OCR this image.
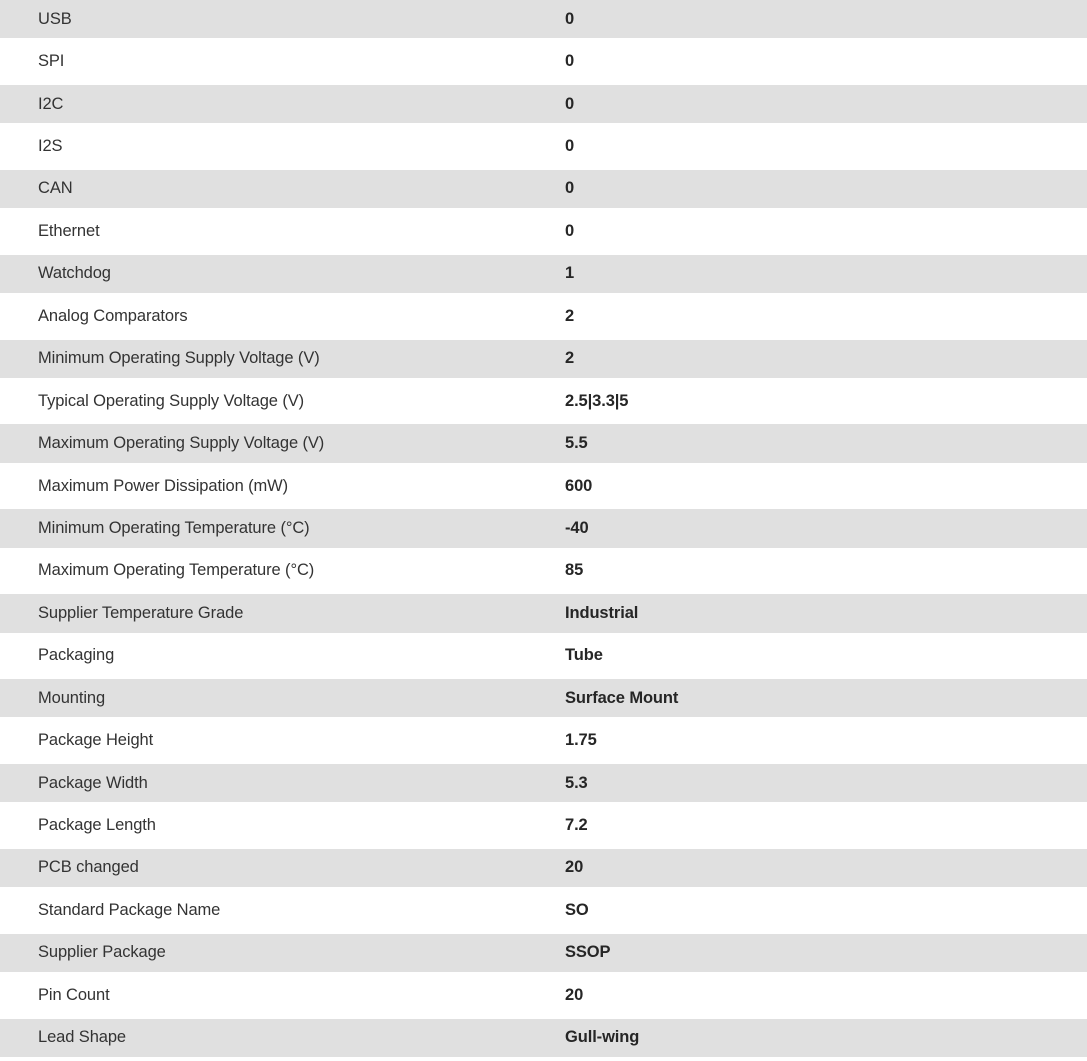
USB	0
SPI	0
I2C	0
I2S	0
CAN	0
Ethernet	0
Watchdog	1
Analog Comparators	2
Minimum Operating Supply Voltage (V)	2
Typical Operating Supply Voltage (V)	2.5|3.3|5
Maximum Operating Supply Voltage (V)	5.5
Maximum Power Dissipation (mW)	600
Minimum Operating Temperature (°C)	-40
Maximum Operating Temperature (°C)	85
Supplier Temperature Grade	Industrial
Packaging	Tube
Mounting	Surface Mount
Package Height	1.75
Package Width	5.3
Package Length	7.2
PCB changed	20
Standard Package Name	SO
Supplier Package	SSOP
Pin Count	20
Lead Shape	Gull-wing
